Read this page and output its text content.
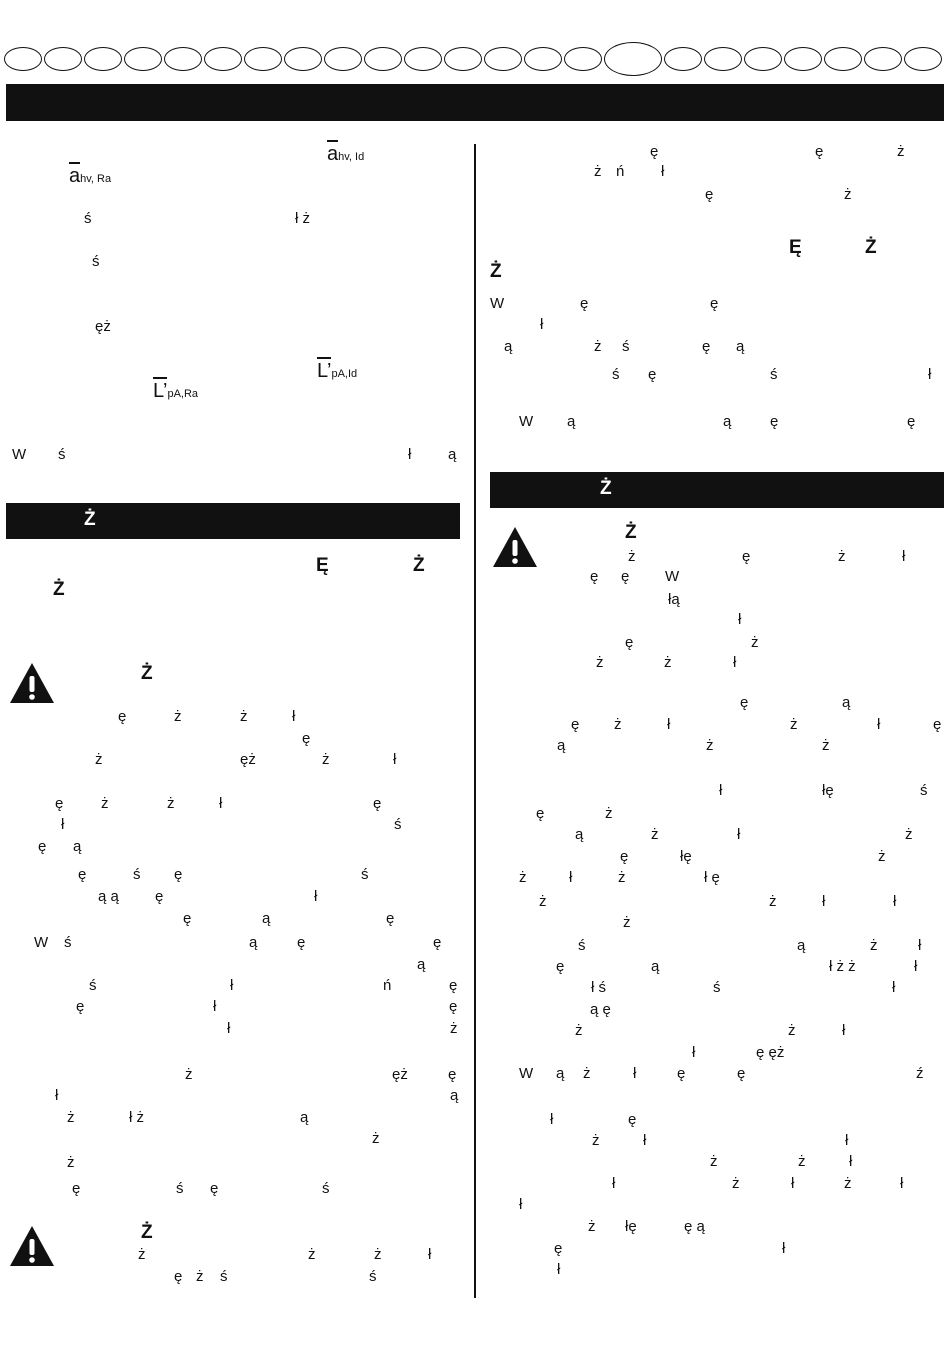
ahv, Id
ahv, Ra
L’pA,Id
L’pA,Ra
Ż
Ę	Ż
Ż
Ż
Ż
Ę	Ż
Ż
Ż
Ż
ś	ł ż
ś
ęż
W ś	ł ą
ę	ż	ż	ł
ę
ż	ęż	ż	ł
ę	ż	ż	ł	ę
ł	ś
ę ą
ę	ś ę	ś
ą ą ę	ł
ę	ą	ę
W ś	ą	ę	ę
ą
ś	ł	ń	ę
ę	ł	ę
ł	ż
ż	ęż	ę
ł	ą
ż	ł ż	ą
ż
ż
ę	ś ę	ś
ż	ż	ż	ł
ę ż ś	ś
ę	ę	ż
ż ń ł
ę	ż
W	ę	ę
ł
ą	ż ś	ę ą
ś ę	ś	ł
W ą	ą	ę	ę
ż	ę	ż	ł
ę ę W
łą
ł
ę	ż
ż	ż	ł
ę	ą
ę ż	ł	ż	ł	ę
ą	ż	ż
ł	łę	ś
ę	ż
ą	ż	ł	ż
ę	łę	ż
ż	ł	ż	ł ę
ż	ż	ł	ł
ż
ś	ą	ż	ł
ę	ą	ł ż ż	ł
ł ś	ś	ł
ą ę
ż	ż	ł
ł	ę ęż
W ą ż	ł	ę	ę	ź
ł	ę
ż	ł	ł
ż	ż	ł
ł	ż	ł	ż	ł
ł
ż łę	ę ą
ę	ł
ł
